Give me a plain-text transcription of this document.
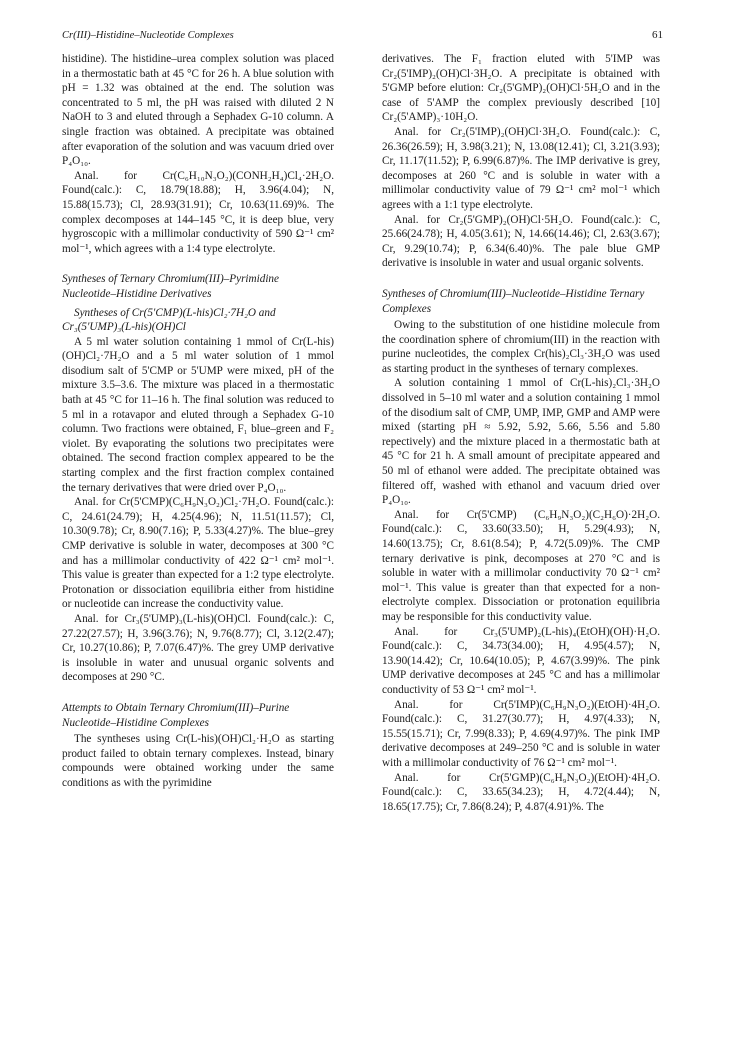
Cr(III)–Histidine–Nucleotide Complexes	61

histidine). The histidine–urea complex solution was placed in a thermostatic bath at 45 °C for 26 h. A blue solution with pH = 1.32 was obtained at the end. The solution was concentrated to 5 ml, the pH was raised with diluted 2 N NaOH to 3 and eluted through a Sephadex G-10 column. A single fraction was obtained. A precipitate was obtained after evaporation of the solution and was vacuum dried over P₄O₁₀.

Anal. for Cr(C₆H₁₀N₃O₂)(CONH₂H₄)Cl₄·2H₂O. Found(calc.): C, 18.79(18.88); H, 3.96(4.04); N, 15.88(15.73); Cl, 28.93(31.91); Cr, 10.63(11.69)%. The complex decomposes at 144–145 °C, it is deep blue, very hygroscopic with a millimolar conductivity of 590 Ω⁻¹ cm² mol⁻¹, which agrees with a 1:4 type electrolyte.

Syntheses of Ternary Chromium(III)–Pyrimidine Nucleotide–Histidine Derivatives

Syntheses of Cr(5'CMP)(L-his)Cl₂·7H₂O and Cr₃(5'UMP)₃(L-his)(OH)Cl

A 5 ml water solution containing 1 mmol of Cr(L-his)(OH)Cl₂·7H₂O and a 5 ml water solution of 1 mmol disodium salt of 5'CMP or 5'UMP were mixed, pH of the mixture 3.5–3.6. The mixture was placed in a thermostatic bath at 45 °C for 11–16 h. The final solution was reduced to 5 ml in a rotavapor and eluted through a Sephadex G-10 column. Two fractions were obtained, F₁ blue–green and F₂ violet. By evaporating the solutions two precipitates were obtained. The second fraction complex appeared to be the starting complex and the first fraction complex contained the ternary derivatives that were dried over P₄O₁₀.

Anal. for Cr(5'CMP)(C₆H₉N₃O₂)Cl₂·7H₂O. Found(calc.): C, 24.61(24.79); H, 4.25(4.96); N, 11.51(11.57); Cl, 10.30(9.78); Cr, 8.90(7.16); P, 5.33(4.27)%. The blue–grey CMP derivative is soluble in water, decomposes at 300 °C and has a millimolar conductivity of 422 Ω⁻¹ cm² mol⁻¹. This value is greater than expected for a 1:2 type electrolyte. Protonation or dissociation equilibria either from histidine or nucleotide can increase the conductivity value.

Anal. for Cr₃(5'UMP)₃(L-his)(OH)Cl. Found(calc.): C, 27.22(27.57); H, 3.96(3.76); N, 9.76(8.77); Cl, 3.12(2.47); Cr, 10.27(10.86); P, 7.07(6.47)%. The grey UMP derivative is insoluble in water and unusual organic solvents and decomposes at 290 °C.

Attempts to Obtain Ternary Chromium(III)–Purine Nucleotide–Histidine Complexes

The syntheses using Cr(L-his)(OH)Cl₂·H₂O as starting product failed to obtain ternary complexes. Instead, binary compounds were obtained working under the same conditions as with the pyrimidine

derivatives. The F₁ fraction eluted with 5'IMP was Cr₂(5'IMP)₂(OH)Cl·3H₂O. A precipitate is obtained with 5'GMP before elution: Cr₂(5'GMP)₂(OH)Cl·5H₂O and in the case of 5'AMP the complex previously described [10] Cr₂(5'AMP)₃·10H₂O.

Anal. for Cr₂(5'IMP)₂(OH)Cl·3H₂O. Found(calc.): C, 26.36(26.59); H, 3.98(3.21); N, 13.08(12.41); Cl, 3.21(3.93); Cr, 11.17(11.52); P, 6.99(6.87)%. The IMP derivative is grey, decomposes at 260 °C and is soluble in water with a millimolar conductivity value of 79 Ω⁻¹ cm² mol⁻¹ which agrees with a 1:1 type electrolyte.

Anal. for Cr₂(5'GMP)₂(OH)Cl·5H₂O. Found(calc.): C, 25.66(24.78); H, 4.05(3.61); N, 14.66(14.46); Cl, 2.63(3.67); Cr, 9.29(10.74); P, 6.34(6.40)%. The pale blue GMP derivative is insoluble in water and usual organic solvents.

Syntheses of Chromium(III)–Nucleotide–Histidine Ternary Complexes

Owing to the substitution of one histidine molecule from the coordination sphere of chromium(III) in the reaction with purine nucleotides, the complex Cr(his)₂Cl₃·3H₂O was used as starting product in the syntheses of ternary complexes.

A solution containing 1 mmol of Cr(L-his)₂Cl₃·3H₂O dissolved in 5–10 ml water and a solution containing 1 mmol of the disodium salt of CMP, UMP, IMP, GMP and AMP were mixed (starting pH ≈ 5.92, 5.92, 5.66, 5.56 and 5.80 repectively) and the mixture placed in a thermostatic bath at 45 °C for 21 h. A small amount of precipitate appeared and 50 ml of ethanol were added. The precipitate obtained was filtered off, washed with ethanol and vacuum dried over P₄O₁₀.

Anal. for Cr(5'CMP) (C₆H₉N₃O₂)(C₂H₆O)·2H₂O. Found(calc.): C, 33.60(33.50); H, 5.29(4.93); N, 14.60(13.75); Cr, 8.61(8.54); P, 4.72(5.09)%. The CMP ternary derivative is pink, decomposes at 270 °C and is soluble in water with a millimolar conductivity 70 Ω⁻¹ cm² mol⁻¹. This value is greater than that expected for a non-electrolyte complex. Dissociation or protonation equilibria may be responsible for this conductivity value.

Anal. for Cr₃(5'UMP)₂(L-his)₄(EtOH)(OH)·H₂O. Found(calc.): C, 34.73(34.00); H, 4.95(4.57); N, 13.90(14.42); Cr, 10.64(10.05); P, 4.67(3.99)%. The pink UMP derivative decomposes at 245 °C and has a millimolar conductivity of 53 Ω⁻¹ cm² mol⁻¹.

Anal. for Cr(5'IMP)(C₆H₉N₃O₂)(EtOH)·4H₂O. Found(calc.): C, 31.27(30.77); H, 4.97(4.33); N, 15.55(15.71); Cr, 7.99(8.33); P, 4.69(4.97)%. The pink IMP derivative decomposes at 249–250 °C and is soluble in water with a millimolar conductivity of 76 Ω⁻¹ cm² mol⁻¹.

Anal. for Cr(5'GMP)(C₆H₉N₃O₂)(EtOH)·4H₂O. Found(calc.): C, 33.65(34.23); H, 4.72(4.44); N, 18.65(17.75); Cr, 7.86(8.24); P, 4.87(4.91)%. The
